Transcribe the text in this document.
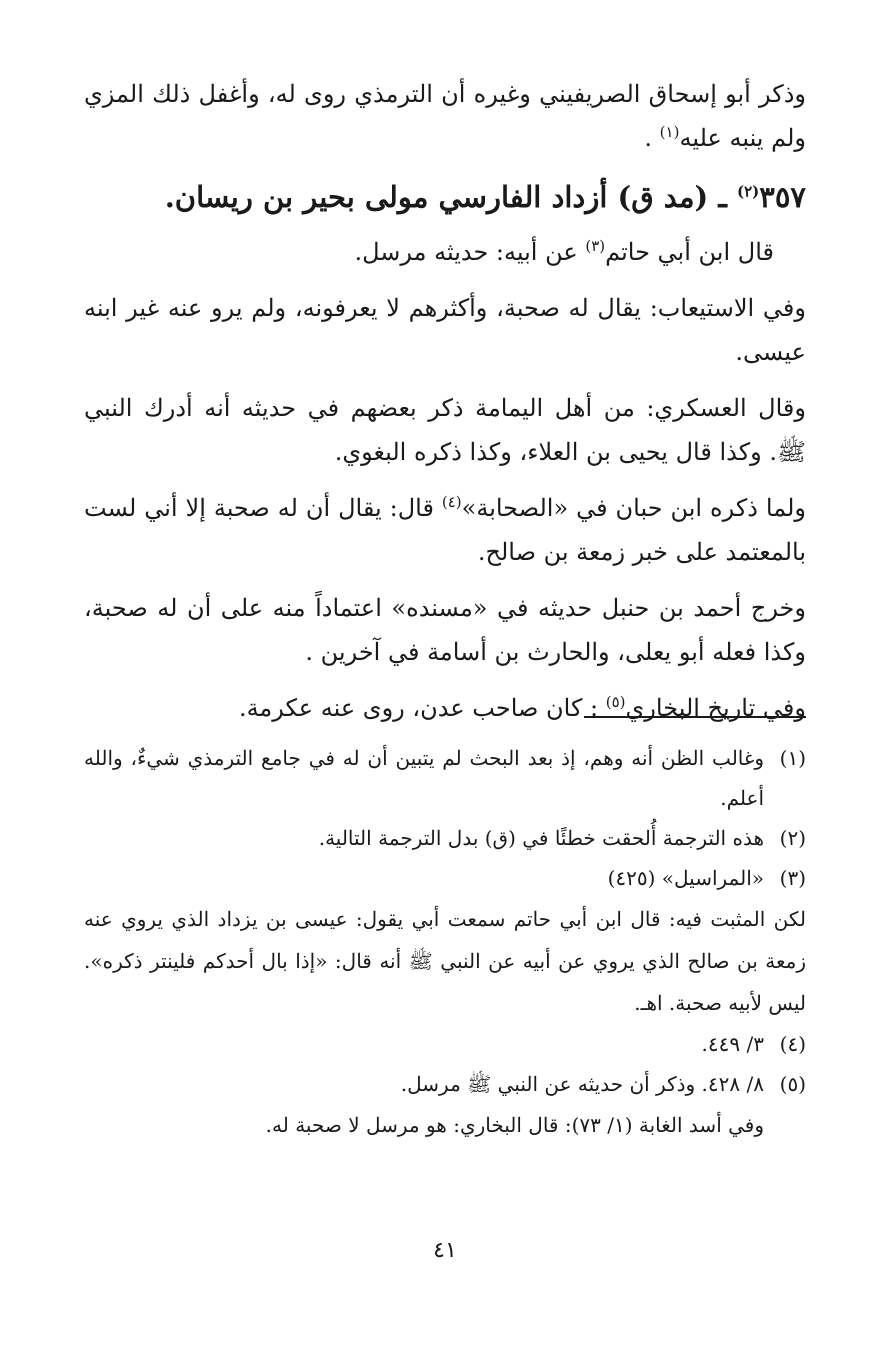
وذكر أبو إسحاق الصريفيني وغيره أن الترمذي روى له، وأغفل ذلك المزي ولم ينبه عليه$^{(١)}$ .

٣٥٧$^{(٢)}$ ـ (مد ق) أزداد الفارسي مولى بحير بن ريسان.

قال ابن أبي حاتم$^{(٣)}$ عن أبيه: حديثه مرسل.

وفي الاستيعاب: يقال له صحبة، وأكثرهم لا يعرفونه، ولم يرو عنه غير ابنه عيسى.

وقال العسكري: من أهل اليمامة ذكر بعضهم في حديثه أنه أدرك النبي ﷺ. وكذا قال يحيى بن العلاء، وكذا ذكره البغوي.

ولما ذكره ابن حبان في «الصحابة»$^{(٤)}$ قال: يقال أن له صحبة إلا أني لست بالمعتمد على خبر زمعة بن صالح.

وخرج أحمد بن حنبل حديثه في «مسنده» اعتماداً منه على أن له صحبة، وكذا فعله أبو يعلى، والحارث بن أسامة في آخرين .

وفي تاريخ البخاري$^{(٥)}$ : كان صاحب عدن، روى عنه عكرمة.

(١)
وغالب الظن أنه وهم، إذ بعد البحث لم يتبين أن له في جامع الترمذي شيءٌ، والله أعلم.
(٢)
هذه الترجمة أُلحقت خطئًا في (ق) بدل الترجمة التالية.
(٣)
«المراسيل» (٤٢٥)

لكن المثبت فيه: قال ابن أبي حاتم سمعت أبي يقول: عيسى بن يزداد الذي يروي عنه زمعة بن صالح الذي يروي عن أبيه عن النبي ﷺ أنه قال: «إذا بال أحدكم فلينتر ذكره». ليس لأبيه صحبة. اهـ.

(٤)
٣/ ٤٤٩.
(٥)
٨/ ٤٢٨. وذكر أن حديثه عن النبي ﷺ مرسل.

وفي أسد الغابة (١/ ٧٣): قال البخاري: هو مرسل لا صحبة له.

٤١
